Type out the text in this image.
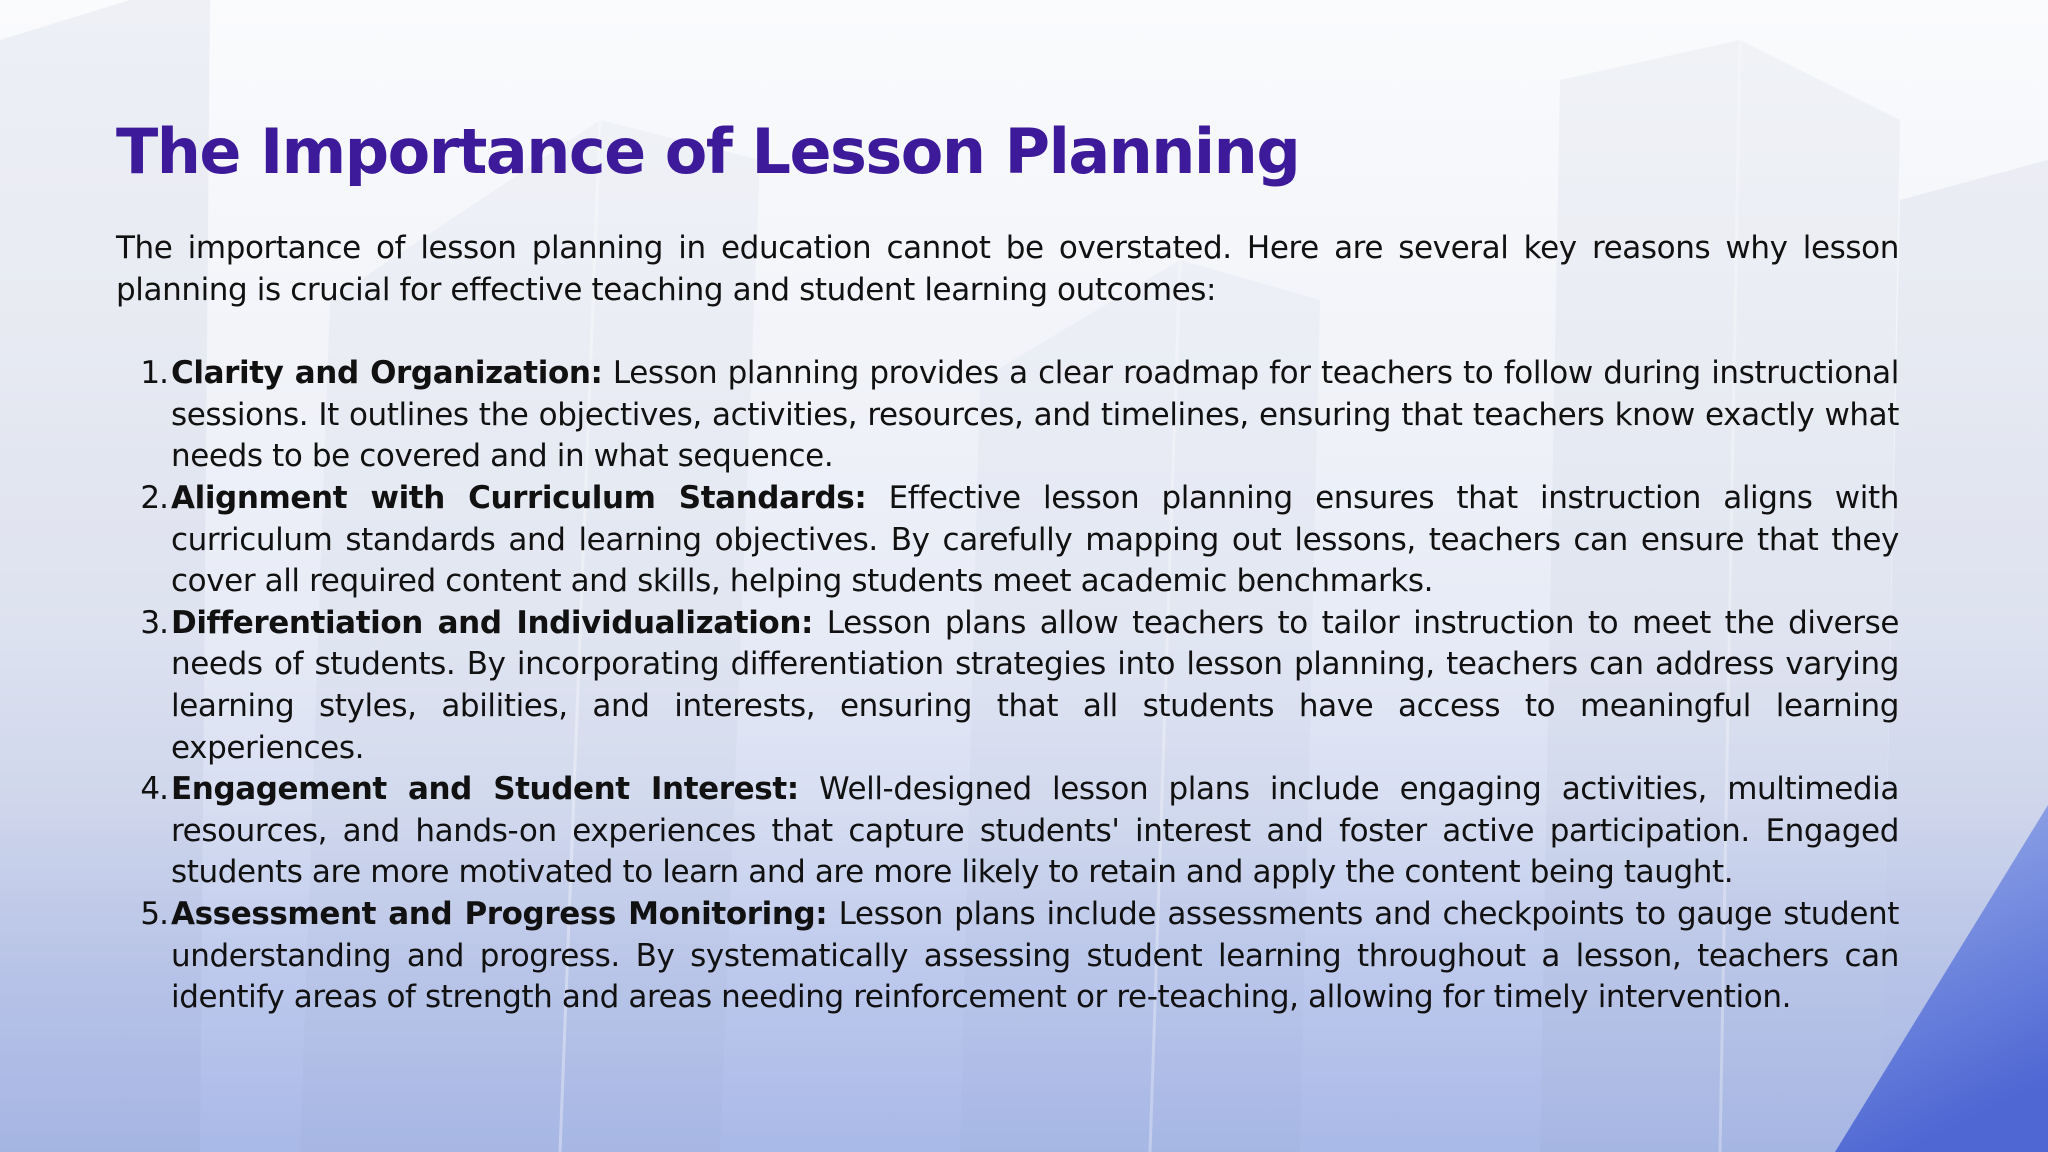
The Importance of Lesson Planning

The importance of lesson planning in education cannot be overstated. Here are several key reasons why lesson planning is crucial for effective teaching and student learning outcomes:

1. Clarity and Organization: Lesson planning provides a clear roadmap for teachers to follow during instructional sessions. It outlines the objectives, activities, resources, and timelines, ensuring that teachers know exactly what needs to be covered and in what sequence.
2. Alignment with Curriculum Standards: Effective lesson planning ensures that instruction aligns with curriculum standards and learning objectives. By carefully mapping out lessons, teachers can ensure that they cover all required content and skills, helping students meet academic benchmarks.
3. Differentiation and Individualization: Lesson plans allow teachers to tailor instruction to meet the diverse needs of students. By incorporating differentiation strategies into lesson planning, teachers can address varying learning styles, abilities, and interests, ensuring that all students have access to meaningful learning experiences.
4. Engagement and Student Interest: Well-designed lesson plans include engaging activities, multimedia resources, and hands-on experiences that capture students' interest and foster active participation. Engaged students are more motivated to learn and are more likely to retain and apply the content being taught.
5. Assessment and Progress Monitoring: Lesson plans include assessments and checkpoints to gauge student understanding and progress. By systematically assessing student learning throughout a lesson, teachers can identify areas of strength and areas needing reinforcement or re-teaching, allowing for timely intervention.
